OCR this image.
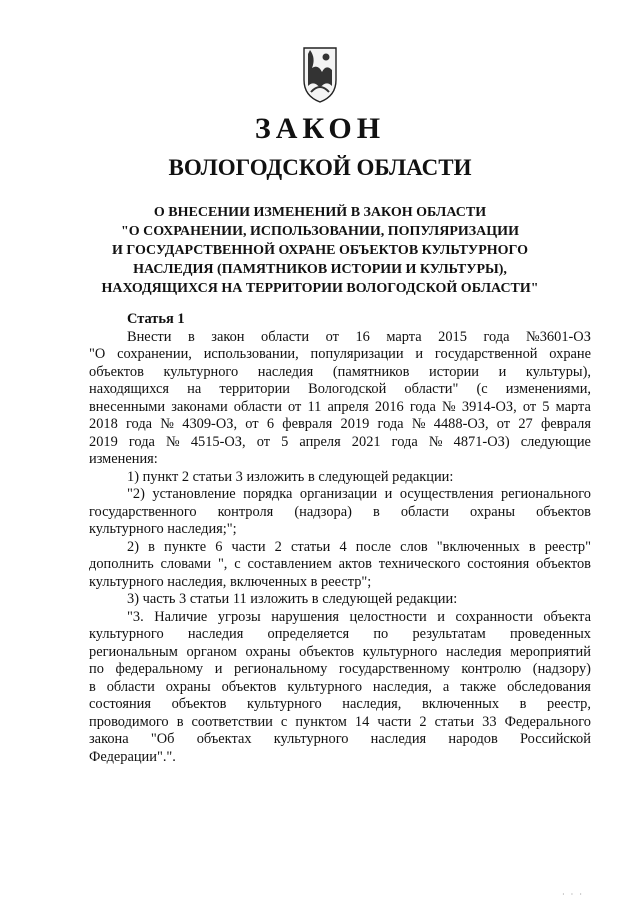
ЗАКОН
ВОЛОГОДСКОЙ ОБЛАСТИ
О ВНЕСЕНИИ ИЗМЕНЕНИЙ В ЗАКОН ОБЛАСТИ
"О СОХРАНЕНИИ, ИСПОЛЬЗОВАНИИ, ПОПУЛЯРИЗАЦИИ
И ГОСУДАРСТВЕННОЙ ОХРАНЕ ОБЪЕКТОВ КУЛЬТУРНОГО
НАСЛЕДИЯ (ПАМЯТНИКОВ ИСТОРИИ И КУЛЬТУРЫ),
НАХОДЯЩИХСЯ НА ТЕРРИТОРИИ ВОЛОГОДСКОЙ ОБЛАСТИ"
Статья 1
Внести в закон области от 16 марта 2015 года №3601-ОЗ
"О сохранении, использовании, популяризации и государственной охране
объектов культурного наследия (памятников истории и культуры),
находящихся на территории Вологодской области" (с изменениями,
внесенными законами области от 11 апреля 2016 года № 3914-ОЗ, от 5 марта
2018 года № 4309-ОЗ, от 6 февраля 2019 года № 4488-ОЗ, от 27 февраля
2019 года № 4515-ОЗ, от 5 апреля 2021 года № 4871-ОЗ) следующие
изменения:
1) пункт 2 статьи 3 изложить в следующей редакции:
"2) установление порядка организации и осуществления регионального
государственного контроля (надзора) в области охраны объектов
культурного наследия;";
2) в пункте 6 части 2 статьи 4 после слов "включенных в реестр"
дополнить словами ", с составлением актов технического состояния объектов
культурного наследия, включенных в реестр";
3) часть 3 статьи 11 изложить в следующей редакции:
"3. Наличие угрозы нарушения целостности и сохранности объекта
культурного наследия определяется по результатам проведенных
региональным органом охраны объектов культурного наследия мероприятий
по федеральному и региональному государственному контролю (надзору)
в области охраны объектов культурного наследия, а также обследования
состояния объектов культурного наследия, включенных в реестр,
проводимого в соответствии с пунктом 14 части 2 статьи 33 Федерального
закона "Об объектах культурного наследия народов Российской
Федерации".".
· · ·
